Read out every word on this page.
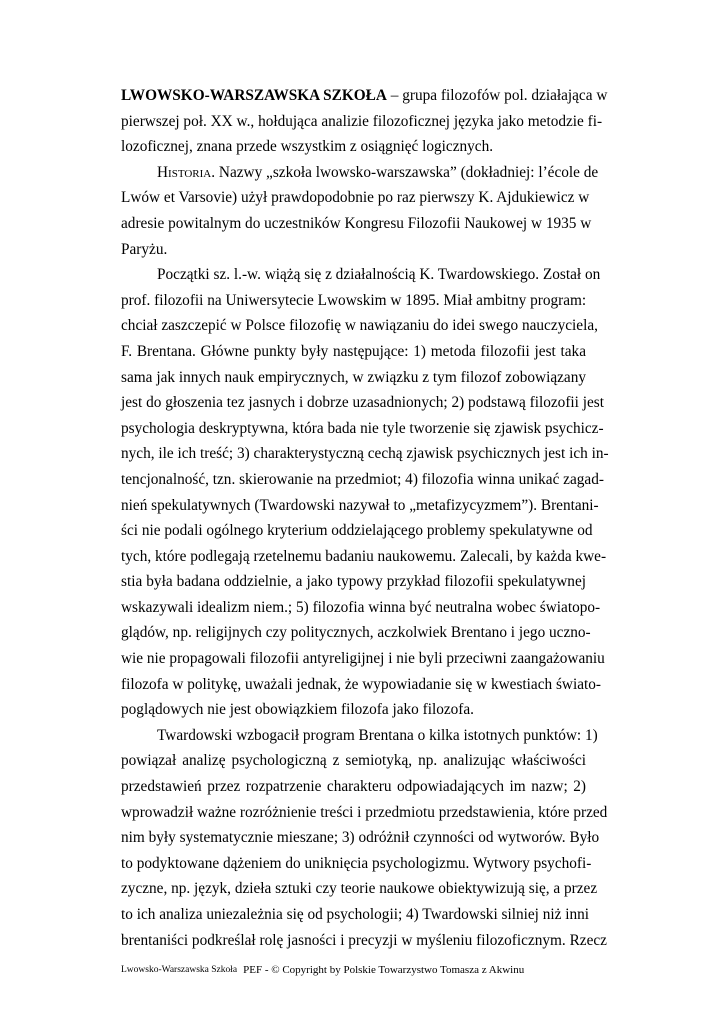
LWOWSKO-WARSZAWSKA SZKOŁA – grupa filozofów pol. działająca w
pierwszej poł. XX w., hołdująca analizie filozoficznej języka jako metodzie fi-
lozoficznej, znana przede wszystkim z osiągnięć logicznych.
Historia. Nazwy „szkoła lwowsko-warszawska” (dokładniej: l’école de
Lwów et Varsovie) użył prawdopodobnie po raz pierwszy K. Ajdukiewicz w
adresie powitalnym do uczestników Kongresu Filozofii Naukowej w 1935 w
Paryżu.
Początki sz. l.-w. wiążą się z działalnością K. Twardowskiego. Został on
prof. filozofii na Uniwersytecie Lwowskim w 1895. Miał ambitny program:
chciał zaszczepić w Polsce filozofię w nawiązaniu do idei swego nauczyciela,
F. Brentana. Główne punkty były następujące: 1) metoda filozofii jest taka
sama jak innych nauk empirycznych, w związku z tym filozof zobowiązany
jest do głoszenia tez jasnych i dobrze uzasadnionych; 2) podstawą filozofii jest
psychologia deskryptywna, która bada nie tyle tworzenie się zjawisk psychicz-
nych, ile ich treść; 3) charakterystyczną cechą zjawisk psychicznych jest ich in-
tencjonalność, tzn. skierowanie na przedmiot; 4) filozofia winna unikać zagad-
nień spekulatywnych (Twardowski nazywał to „metafizycyzmem”). Brentani-
ści nie podali ogólnego kryterium oddzielającego problemy spekulatywne od
tych, które podlegają rzetelnemu badaniu naukowemu. Zalecali, by każda kwe-
stia była badana oddzielnie, a jako typowy przykład filozofii spekulatywnej
wskazywali idealizm niem.; 5) filozofia winna być neutralna wobec światopo-
glądów, np. religijnych czy politycznych, aczkolwiek Brentano i jego uczno-
wie nie propagowali filozofii antyreligijnej i nie byli przeciwni zaangażowaniu
filozofa w politykę, uważali jednak, że wypowiadanie się w kwestiach świato-
poglądowych nie jest obowiązkiem filozofa jako filozofa.
Twardowski wzbogacił program Brentana o kilka istotnych punktów: 1)
powiązał analizę psychologiczną z semiotyką, np. analizując właściwości
przedstawień przez rozpatrzenie charakteru odpowiadających im nazw; 2)
wprowadził ważne rozróżnienie treści i przedmiotu przedstawienia, które przed
nim były systematycznie mieszane; 3) odróżnił czynności od wytworów. Było
to podyktowane dążeniem do uniknięcia psychologizmu. Wytwory psychofi-
zyczne, np. język, dzieła sztuki czy teorie naukowe obiektywizują się, a przez
to ich analiza uniezależnia się od psychologii; 4) Twardowski silniej niż inni
brentaniści podkreślał rolę jasności i precyzji w myśleniu filozoficznym. Rzecz
Lwowsko-Warszawska Szkoła PEF - © Copyright by Polskie Towarzystwo Tomasza z Akwinu
